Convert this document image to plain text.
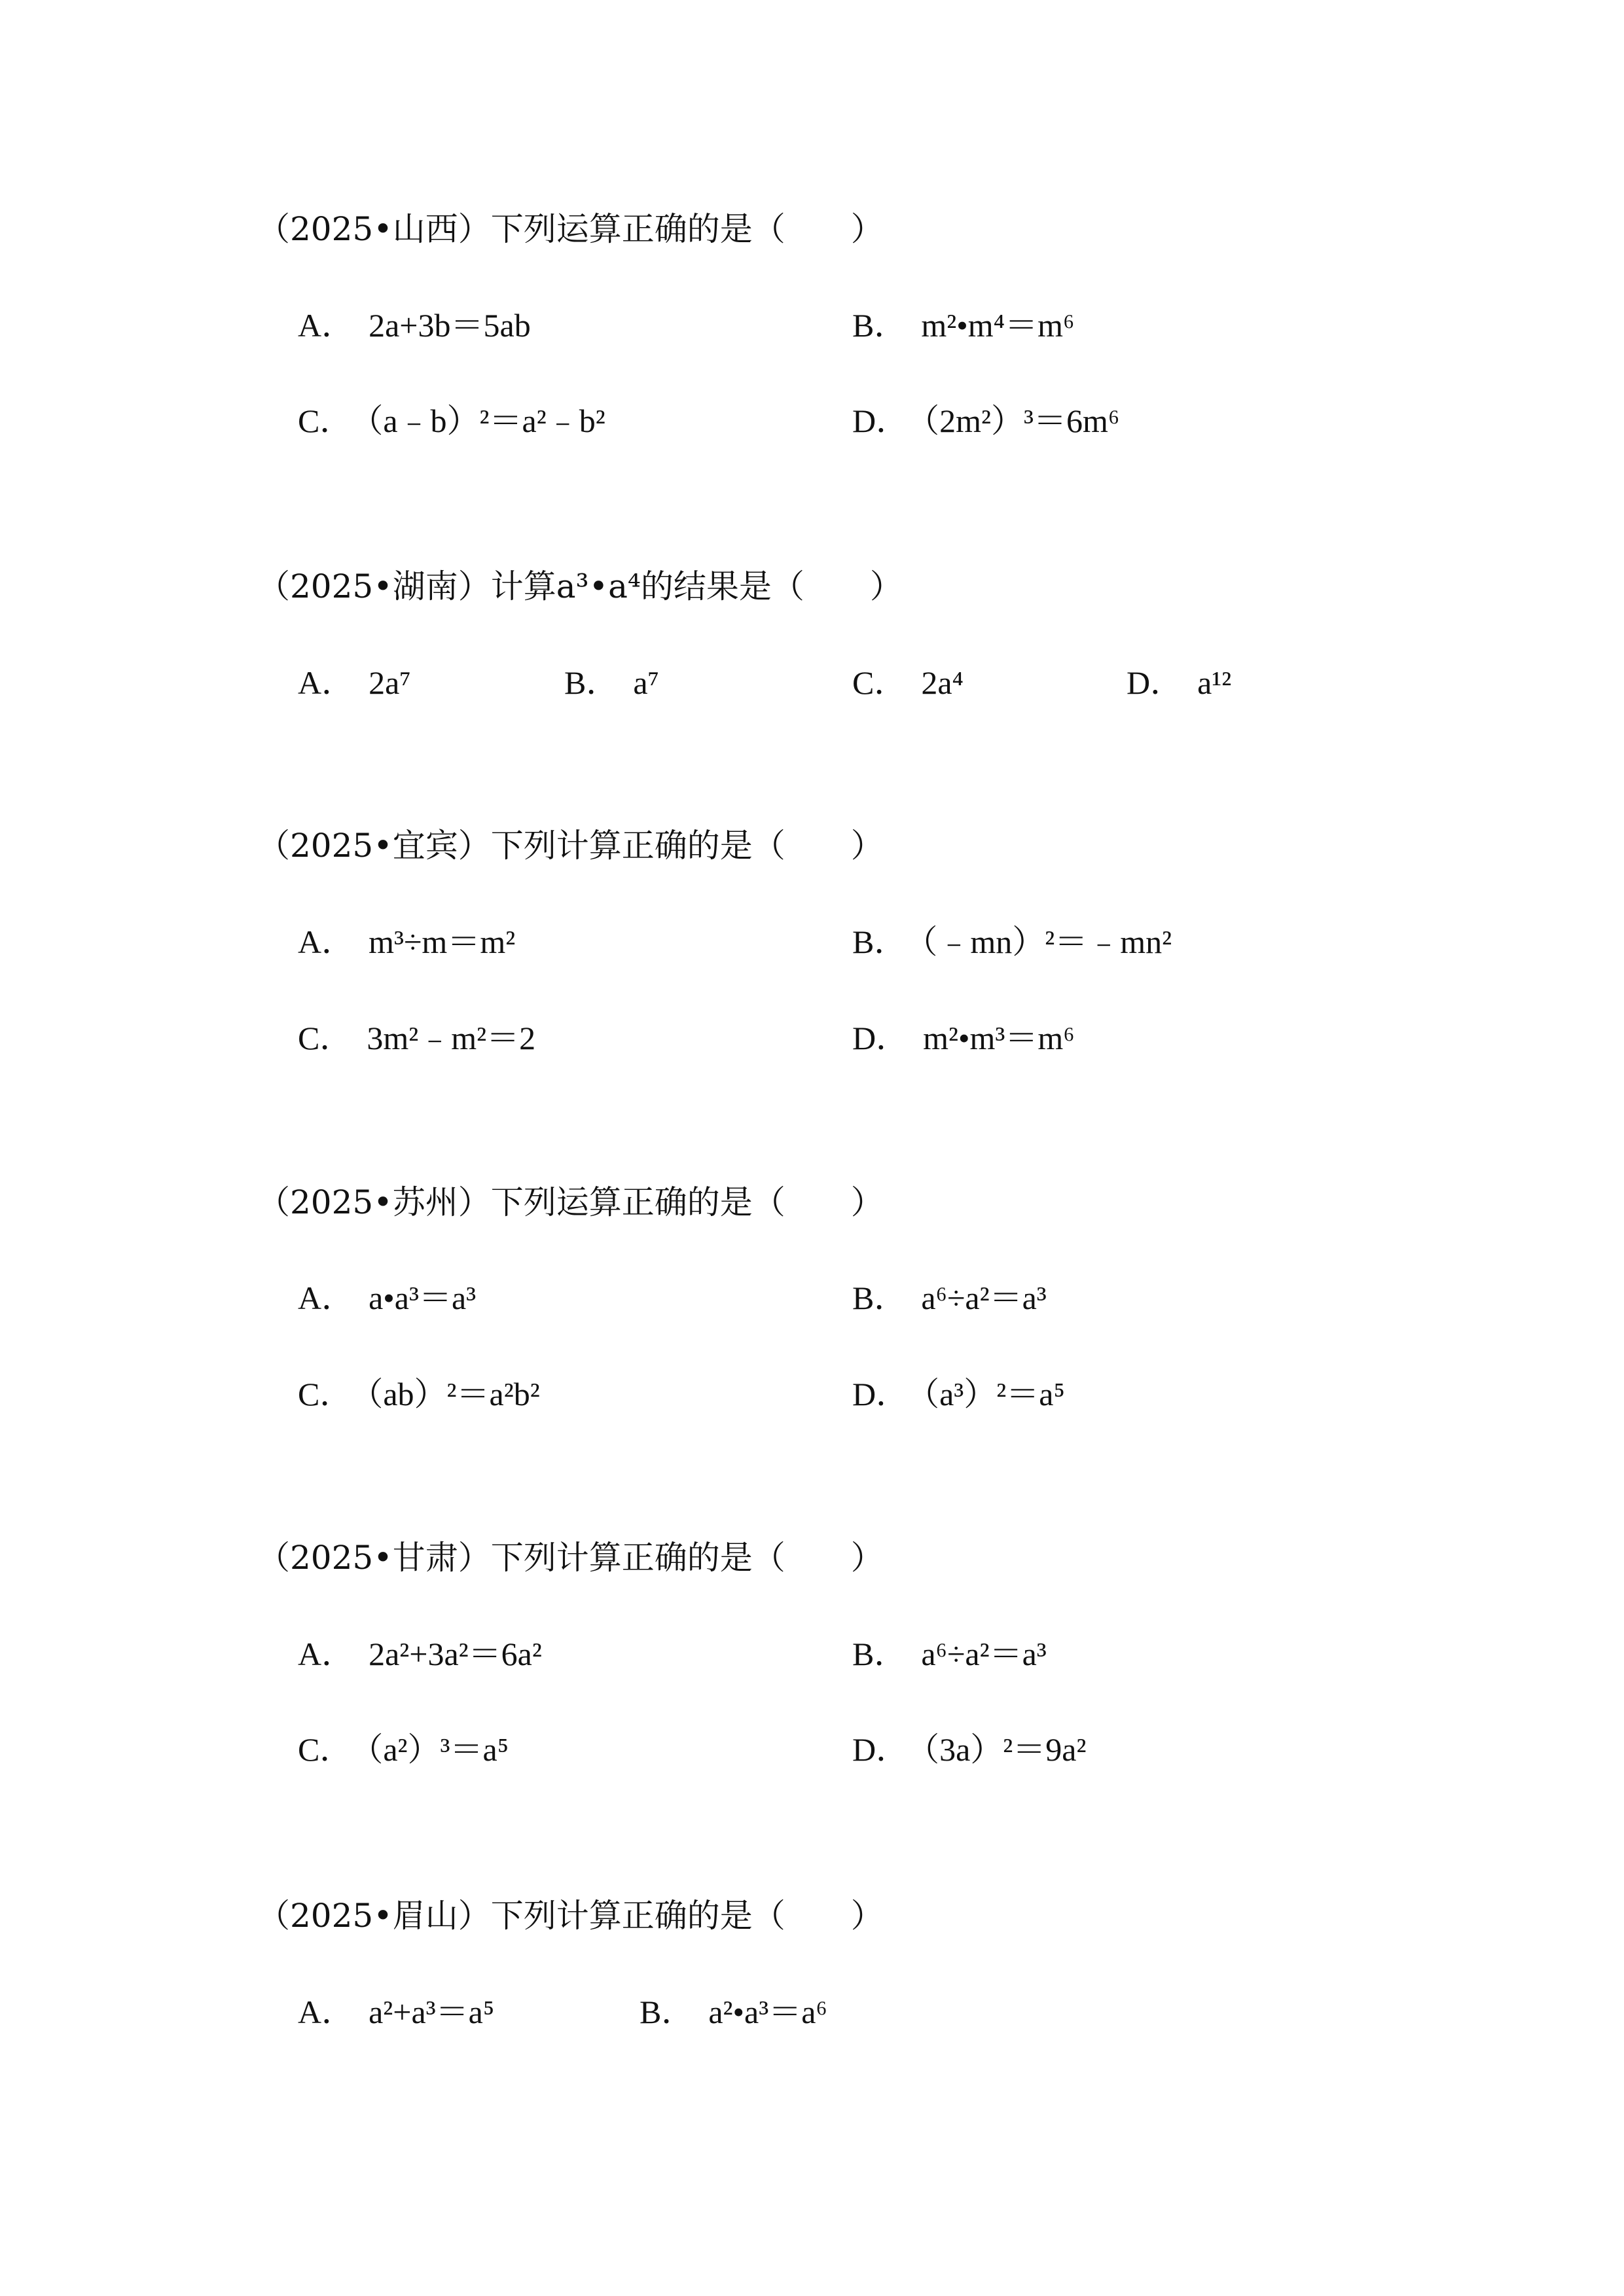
（2025•山西）下列运算正确的是（　　）
A． 2a+3b＝5ab	B． m²•m⁴＝m⁶
C． （a﹣b）²＝a²﹣b²	D． （2m²）³＝6m⁶
（2025•湖南）计算a³•a⁴的结果是（　　）
A． 2a⁷	B． a⁷	C． 2a⁴	D． a¹²
（2025•宜宾）下列计算正确的是（　　）
A． m³÷m＝m²	B． （﹣mn）²＝﹣mn²
C． 3m²﹣m²＝2	D． m²•m³＝m⁶
（2025•苏州）下列运算正确的是（　　）
A． a•a³＝a³	B． a⁶÷a²＝a³
C． （ab）²＝a²b²	D． （a³）²＝a⁵
（2025•甘肃）下列计算正确的是（　　）
A． 2a²+3a²＝6a²	B． a⁶÷a²＝a³
C． （a²）³＝a⁵	D． （3a）²＝9a²
（2025•眉山）下列计算正确的是（　　）
A． a²+a³＝a⁵	B． a²•a³＝a⁶
